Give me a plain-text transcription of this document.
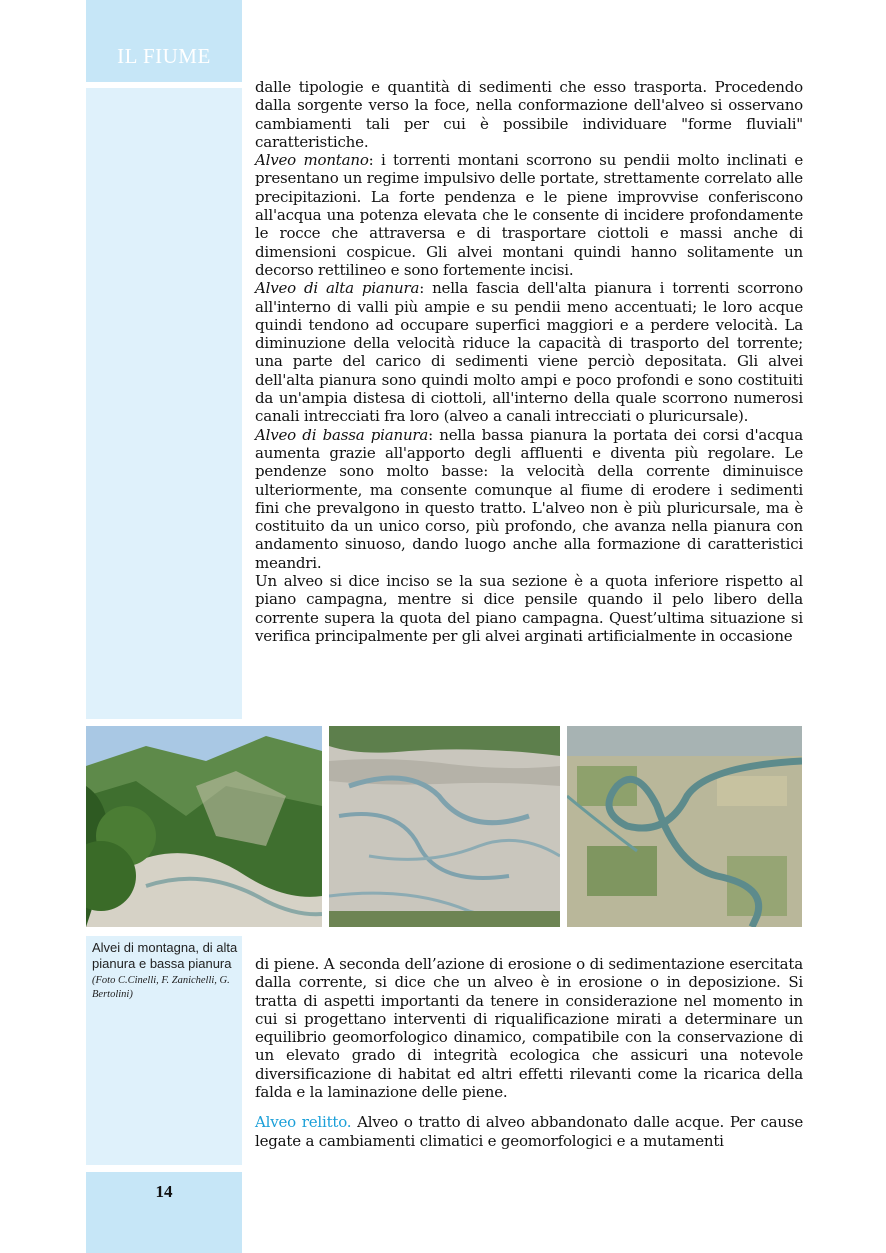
IL FIUME
14

dalle tipologie e quantità di sedimenti che esso trasporta. Procedendo dalla sorgente verso la foce, nella conformazione dell'alveo si osservano cambiamenti tali per cui è possibile individuare "forme fluviali" caratteristiche.

Alveo montano: i torrenti montani scorrono su pendii molto inclinati e presentano un regime impulsivo delle portate, strettamente correlato alle precipitazioni. La forte pendenza e le piene improvvise conferiscono all'acqua una potenza elevata che le consente di incidere profondamente le rocce che attraversa e di trasportare ciottoli e massi anche di dimensioni cospicue. Gli alvei montani quindi hanno solitamente un decorso rettilineo e sono fortemente incisi.

Alveo di alta pianura: nella fascia dell'alta pianura i torrenti scorrono all'interno di valli più ampie e su pendii meno accentuati; le loro acque quindi tendono ad occupare superfici maggiori e a perdere velocità. La diminuzione della velocità riduce la capacità di trasporto del torrente; una parte del carico di sedimenti viene perciò depositata. Gli alvei dell'alta pianura sono quindi molto ampi e poco profondi e sono costituiti da un'ampia distesa di ciottoli, all'interno della quale scorrono numerosi canali intrecciati fra loro (alveo a canali intrecciati o pluricursale).

Alveo di bassa pianura: nella bassa pianura la portata dei corsi d'acqua aumenta grazie all'apporto degli affluenti e diventa più regolare. Le pendenze sono molto basse: la velocità della corrente diminuisce ulteriormente, ma consente comunque al fiume di erodere i sedimenti fini che prevalgono in questo tratto. L'alveo non è più pluricursale, ma è costituito da un unico corso, più profondo, che avanza nella pianura con andamento sinuoso, dando luogo anche alla formazione di caratteristici meandri.

Un alveo si dice inciso se la sua sezione è a quota inferiore rispetto al piano campagna, mentre si dice pensile quando il pelo libero della corrente supera la quota del piano campagna. Quest’ultima situazione si verifica principalmente per gli alvei arginati artificialmente in occasione

Alvei di montagna, di alta pianura e bassa pianura
(Foto C.Cinelli, F. Zanichelli, G. Bertolini)

di piene. A seconda dell’azione di erosione o di sedimentazione esercitata dalla corrente, si dice che un alveo è in erosione o in deposizione. Si tratta di aspetti importanti da tenere in considerazione nel momento in cui si progettano interventi di riqualificazione mirati a determinare un equilibrio geomorfologico dinamico, compatibile con la conservazione di un elevato grado di integrità ecologica che assicuri una notevole diversificazione di habitat ed altri effetti rilevanti come la ricarica della falda e la laminazione delle piene.

Alveo relitto. Alveo o tratto di alveo abbandonato dalle acque. Per cause legate a cambiamenti climatici e geomorfologici e a mutamenti
